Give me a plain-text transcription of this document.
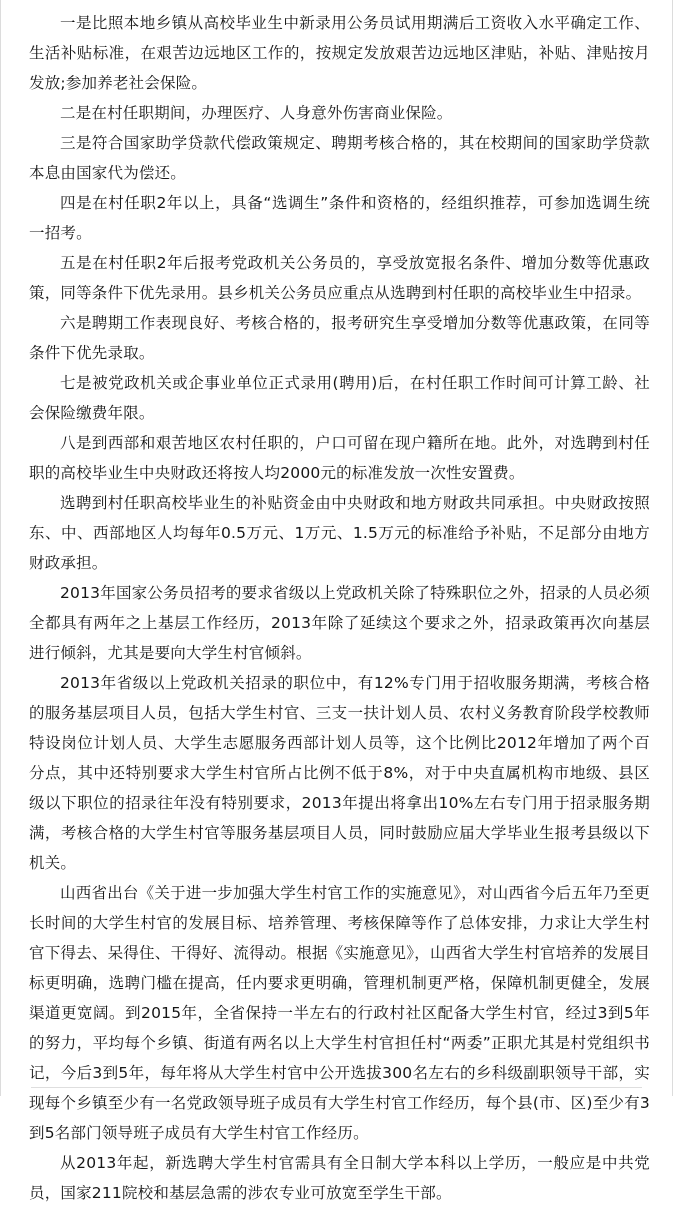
一是比照本地乡镇从高校毕业生中新录用公务员试用期满后工资收入水平确定工作、生活补贴标准，在艰苦边远地区工作的，按规定发放艰苦边远地区津贴，补贴、津贴按月发放;参加养老社会保险。

二是在村任职期间，办理医疗、人身意外伤害商业保险。

三是符合国家助学贷款代偿政策规定、聘期考核合格的，其在校期间的国家助学贷款本息由国家代为偿还。

四是在村任职2年以上，具备“选调生”条件和资格的，经组织推荐，可参加选调生统一招考。

五是在村任职2年后报考党政机关公务员的，享受放宽报名条件、增加分数等优惠政策，同等条件下优先录用。县乡机关公务员应重点从选聘到村任职的高校毕业生中招录。

六是聘期工作表现良好、考核合格的，报考研究生享受增加分数等优惠政策，在同等条件下优先录取。

七是被党政机关或企事业单位正式录用(聘用)后，在村任职工作时间可计算工龄、社会保险缴费年限。

八是到西部和艰苦地区农村任职的，户口可留在现户籍所在地。此外，对选聘到村任职的高校毕业生中央财政还将按人均2000元的标准发放一次性安置费。

选聘到村任职高校毕业生的补贴资金由中央财政和地方财政共同承担。中央财政按照东、中、西部地区人均每年0.5万元、1万元、1.5万元的标准给予补贴，不足部分由地方财政承担。

2013年国家公务员招考的要求省级以上党政机关除了特殊职位之外，招录的人员必须全都具有两年之上基层工作经历，2013年除了延续这个要求之外，招录政策再次向基层进行倾斜，尤其是要向大学生村官倾斜。

2013年省级以上党政机关招录的职位中，有12%专门用于招收服务期满，考核合格的服务基层项目人员，包括大学生村官、三支一扶计划人员、农村义务教育阶段学校教师特设岗位计划人员、大学生志愿服务西部计划人员等，这个比例比2012年增加了两个百分点，其中还特别要求大学生村官所占比例不低于8%，对于中央直属机构市地级、县区级以下职位的招录往年没有特别要求，2013年提出将拿出10%左右专门用于招录服务期满，考核合格的大学生村官等服务基层项目人员，同时鼓励应届大学毕业生报考县级以下机关。

山西省出台《关于进一步加强大学生村官工作的实施意见》，对山西省今后五年乃至更长时间的大学生村官的发展目标、培养管理、考核保障等作了总体安排，力求让大学生村官下得去、呆得住、干得好、流得动。根据《实施意见》，山西省大学生村官培养的发展目标更明确，选聘门槛在提高，任内要求更明确，管理机制更严格，保障机制更健全，发展渠道更宽阔。到2015年，全省保持一半左右的行政村社区配备大学生村官，经过3到5年的努力，平均每个乡镇、街道有两名以上大学生村官担任村“两委”正职尤其是村党组织书记，今后3到5年，每年将从大学生村官中公开选拔300名左右的乡科级副职领导干部，实现每个乡镇至少有一名党政领导班子成员有大学生村官工作经历，每个县(市、区)至少有3到5名部门领导班子成员有大学生村官工作经历。

从2013年起，新选聘大学生村官需具有全日制大学本科以上学历，一般应是中共党员，国家211院校和基层急需的涉农专业可放宽至学生干部。
